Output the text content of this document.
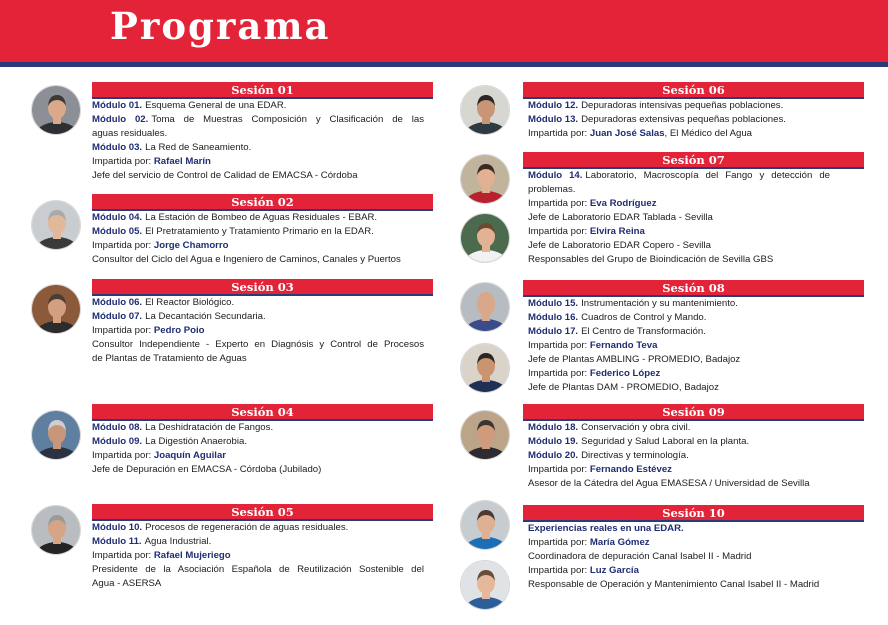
Programa
Sesión 01
Módulo 01. Esquema General de una EDAR.
Módulo 02. Toma de Muestras Composición y Clasificación de las
aguas residuales.
Módulo 03. La Red de Saneamiento.
Impartida por: Rafael Marín
Jefe del servicio de Control de Calidad de EMACSA - Córdoba
Sesión 02
Módulo 04. La Estación de Bombeo de Aguas Residuales - EBAR.
Módulo 05. El Pretratamiento y Tratamiento Primario en la EDAR.
Impartida por: Jorge Chamorro
Consultor del Ciclo del Agua e Ingeniero de Caminos, Canales y Puertos
Sesión 03
Módulo 06. El Reactor Biológico.
Módulo 07. La Decantación Secundaria.
Impartida por: Pedro Poio
Consultor Independiente - Experto en Diagnósis y Control de Procesos
de Plantas de Tratamiento de Aguas
Sesión 04
Módulo 08. La Deshidratación de Fangos.
Módulo 09. La Digestión Anaerobia.
Impartida por: Joaquín Aguilar
Jefe de Depuración en EMACSA - Córdoba (Jubilado)
Sesión 05
Módulo 10. Procesos de regeneración de aguas residuales.
Módulo 11. Agua Industrial.
Impartida por: Rafael Mujeriego
Presidente de la Asociación Española de Reutilización Sostenible del
Agua - ASERSA
Sesión 06
Módulo 12. Depuradoras intensivas pequeñas poblaciones.
Módulo 13. Depuradoras extensivas pequeñas poblaciones.
Impartida por: Juan José Salas, El Médico del Agua
Sesión 07
Módulo 14. Laboratorio, Macroscopía del Fango y detección de
problemas.
Impartida por: Eva Rodríguez
Jefe de Laboratorio EDAR Tablada - Sevilla
Impartida por: Elvira Reina
Jefe de Laboratorio EDAR Copero - Sevilla
Responsables del Grupo de Bioindicación de Sevilla GBS
Sesión 08
Módulo 15. Instrumentación y su mantenimiento.
Módulo 16. Cuadros de Control y Mando.
Módulo 17. El Centro de Transformación.
Impartida por: Fernando Teva
Jefe de Plantas AMBLING - PROMEDIO, Badajoz
Impartida por: Federico López
Jefe de Plantas DAM - PROMEDIO, Badajoz
Sesión 09
Módulo 18. Conservación y obra civil.
Módulo 19. Seguridad y Salud Laboral en la planta.
Módulo 20. Directivas y terminología.
Impartida por: Fernando Estévez
Asesor de la Cátedra del Agua EMASESA / Universidad de Sevilla
Sesión 10
Experiencias reales en una EDAR.
Impartida por: María Gómez
Coordinadora de depuración Canal Isabel II - Madrid
Impartida por: Luz García
Responsable de Operación y Mantenimiento Canal Isabel II - Madrid
